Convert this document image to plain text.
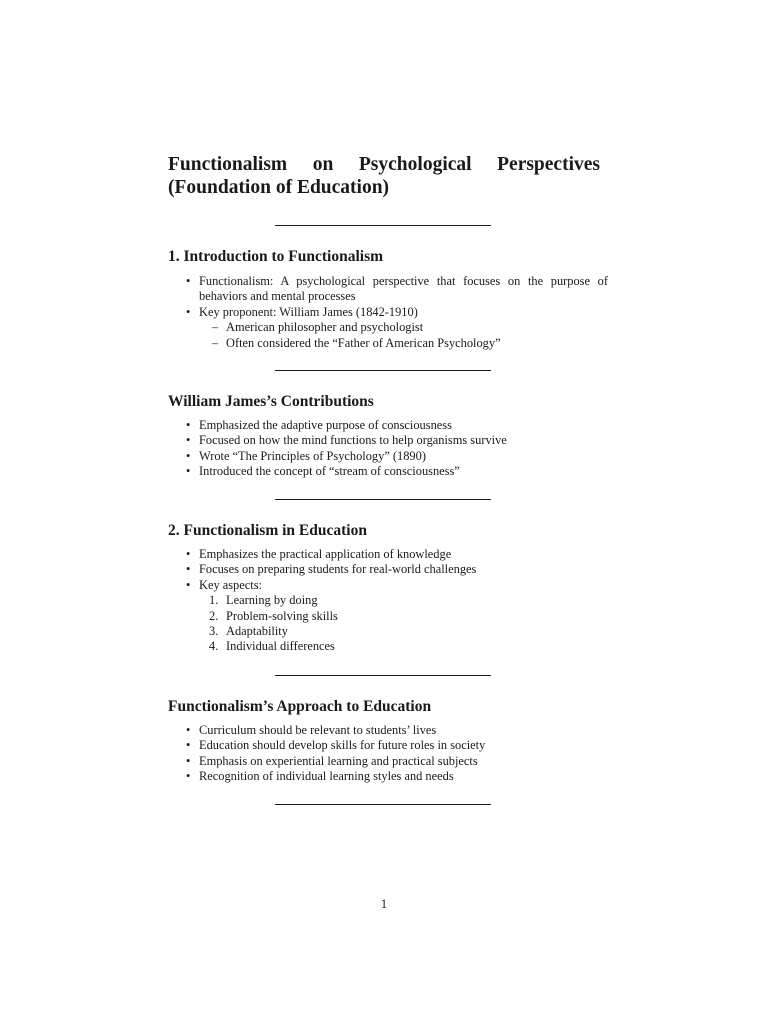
Functionalism on Psychological Perspectives
(Foundation of Education)
1. Introduction to Functionalism
• Functionalism: A psychological perspective that focuses on the purpose of behaviors and mental processes
• Key proponent: William James (1842-1910)
– American philosopher and psychologist
– Often considered the “Father of American Psychology”
William James’s Contributions
• Emphasized the adaptive purpose of consciousness
• Focused on how the mind functions to help organisms survive
• Wrote “The Principles of Psychology” (1890)
• Introduced the concept of “stream of consciousness”
2. Functionalism in Education
• Emphasizes the practical application of knowledge
• Focuses on preparing students for real-world challenges
• Key aspects:
1. Learning by doing
2. Problem-solving skills
3. Adaptability
4. Individual differences
Functionalism’s Approach to Education
• Curriculum should be relevant to students’ lives
• Education should develop skills for future roles in society
• Emphasis on experiential learning and practical subjects
• Recognition of individual learning styles and needs
1
